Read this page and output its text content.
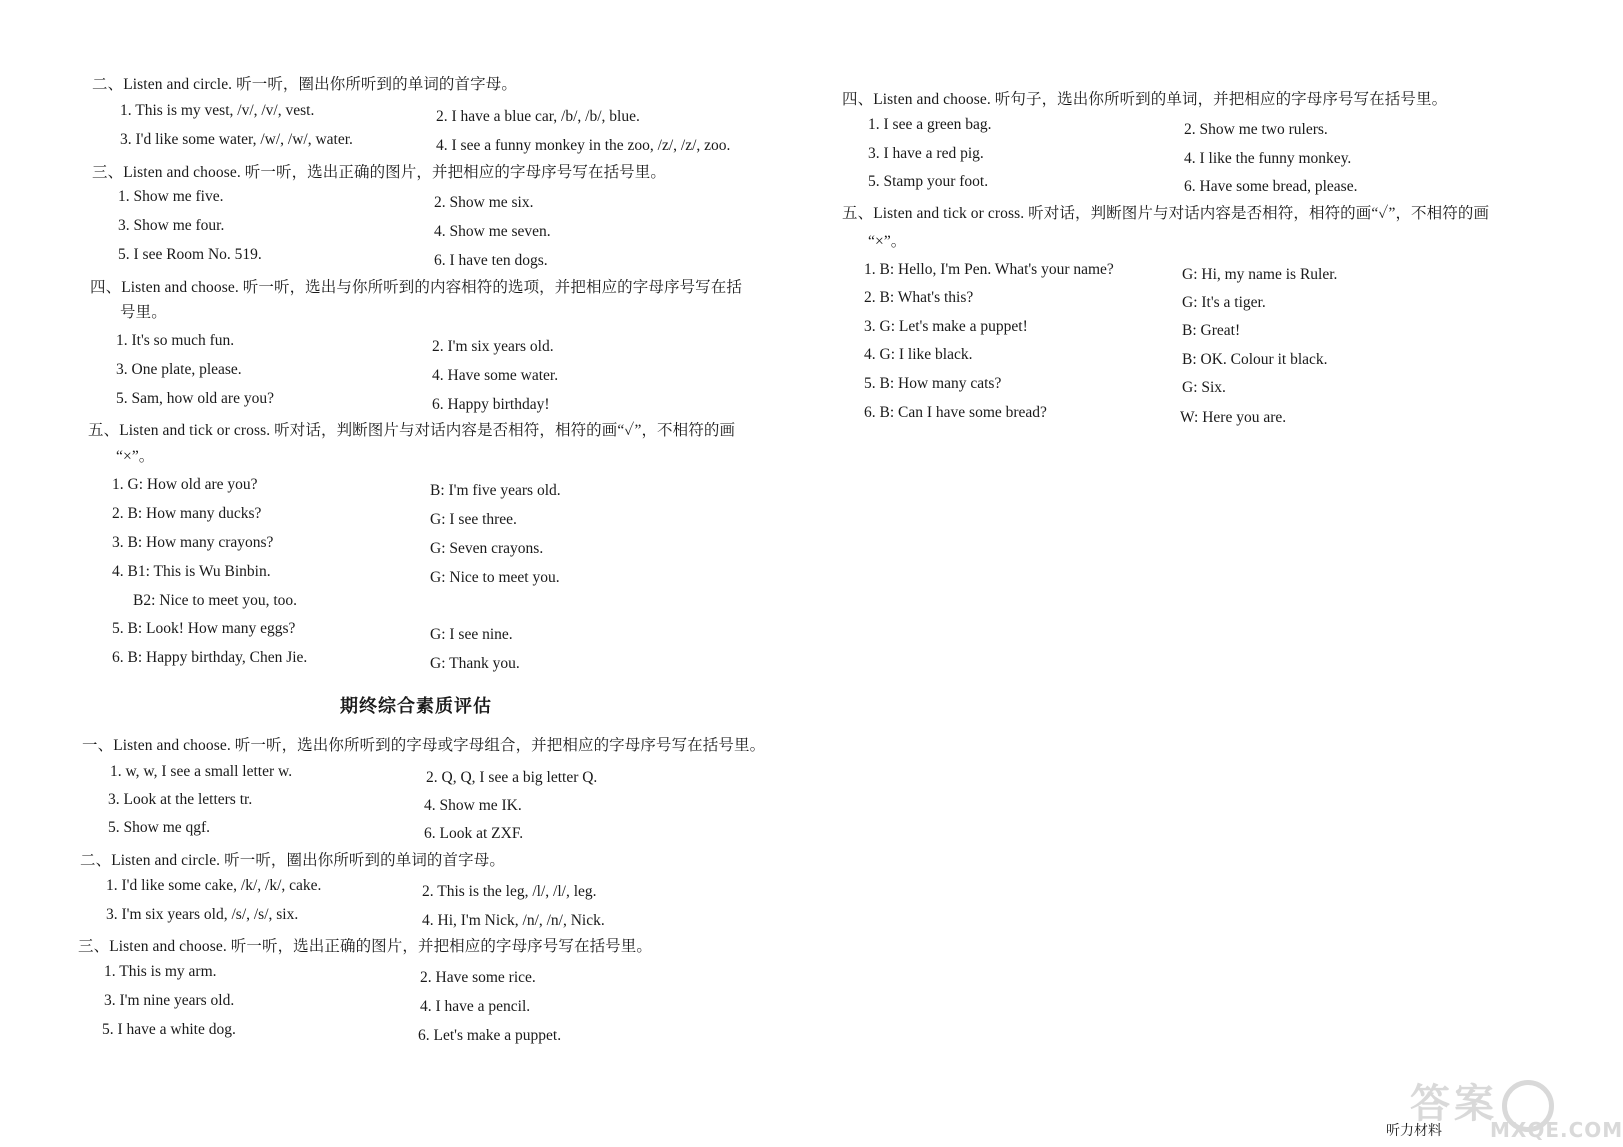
二、Listen and circle. 听一听，圈出你所听到的单词的首字母。
1. This is my vest, /v/, /v/, vest.	2. I have a blue car, /b/, /b/, blue.
3. I'd like some water, /w/, /w/, water.	4. I see a funny monkey in the zoo, /z/, /z/, zoo.
三、Listen and choose. 听一听，选出正确的图片，并把相应的字母序号写在括号里。
1. Show me five.	2. Show me six.
3. Show me four.	4. Show me seven.
5. I see Room No. 519.	6. I have ten dogs.
四、Listen and choose. 听一听，选出与你所听到的内容相符的选项，并把相应的字母序号写在括
号里。
1. It's so much fun.	2. I'm six years old.
3. One plate, please.	4. Have some water.
5. Sam, how old are you?	6. Happy birthday!
五、Listen and tick or cross. 听对话，判断图片与对话内容是否相符，相符的画“✓”，不相符的画
“×”。
1. G: How old are you?	B: I'm five years old.
2. B: How many ducks?	G: I see three.
3. B: How many crayons?	G: Seven crayons.
4. B1: This is Wu Binbin.	G: Nice to meet you.
B2: Nice to meet you, too.
5. B: Look! How many eggs?	G: I see nine.
6. B: Happy birthday, Chen Jie.	G: Thank you.
期终综合素质评估
一、Listen and choose. 听一听，选出你所听到的字母或字母组合，并把相应的字母序号写在括号里。
1. w, w, I see a small letter w.	2. Q, Q, I see a big letter Q.
3. Look at the letters tr.	4. Show me IK.
5. Show me qgf.	6. Look at ZXF.
二、Listen and circle. 听一听，圈出你所听到的单词的首字母。
1. I'd like some cake, /k/, /k/, cake.	2. This is the leg, /l/, /l/, leg.
3. I'm six years old, /s/, /s/, six.	4. Hi, I'm Nick, /n/, /n/, Nick.
三、Listen and choose. 听一听，选出正确的图片，并把相应的字母序号写在括号里。
1. This is my arm.	2. Have some rice.
3. I'm nine years old.	4. I have a pencil.
5. I have a white dog.	6. Let's make a puppet.
四、Listen and choose. 听句子，选出你所听到的单词，并把相应的字母序号写在括号里。
1. I see a green bag.	2. Show me two rulers.
3. I have a red pig.	4. I like the funny monkey.
5. Stamp your foot.	6. Have some bread, please.
五、Listen and tick or cross. 听对话，判断图片与对话内容是否相符，相符的画“✓”，不相符的画
“×”。
1. B: Hello, I'm Pen. What's your name?	G: Hi, my name is Ruler.
2. B: What's this?	G: It's a tiger.
3. G: Let's make a puppet!	B: Great!
4. G: I like black.	B: OK. Colour it black.
5. B: How many cats?	G: Six.
6. B: Can I have some bread?	W: Here you are.
答案
MXQE.COM
听力材料
